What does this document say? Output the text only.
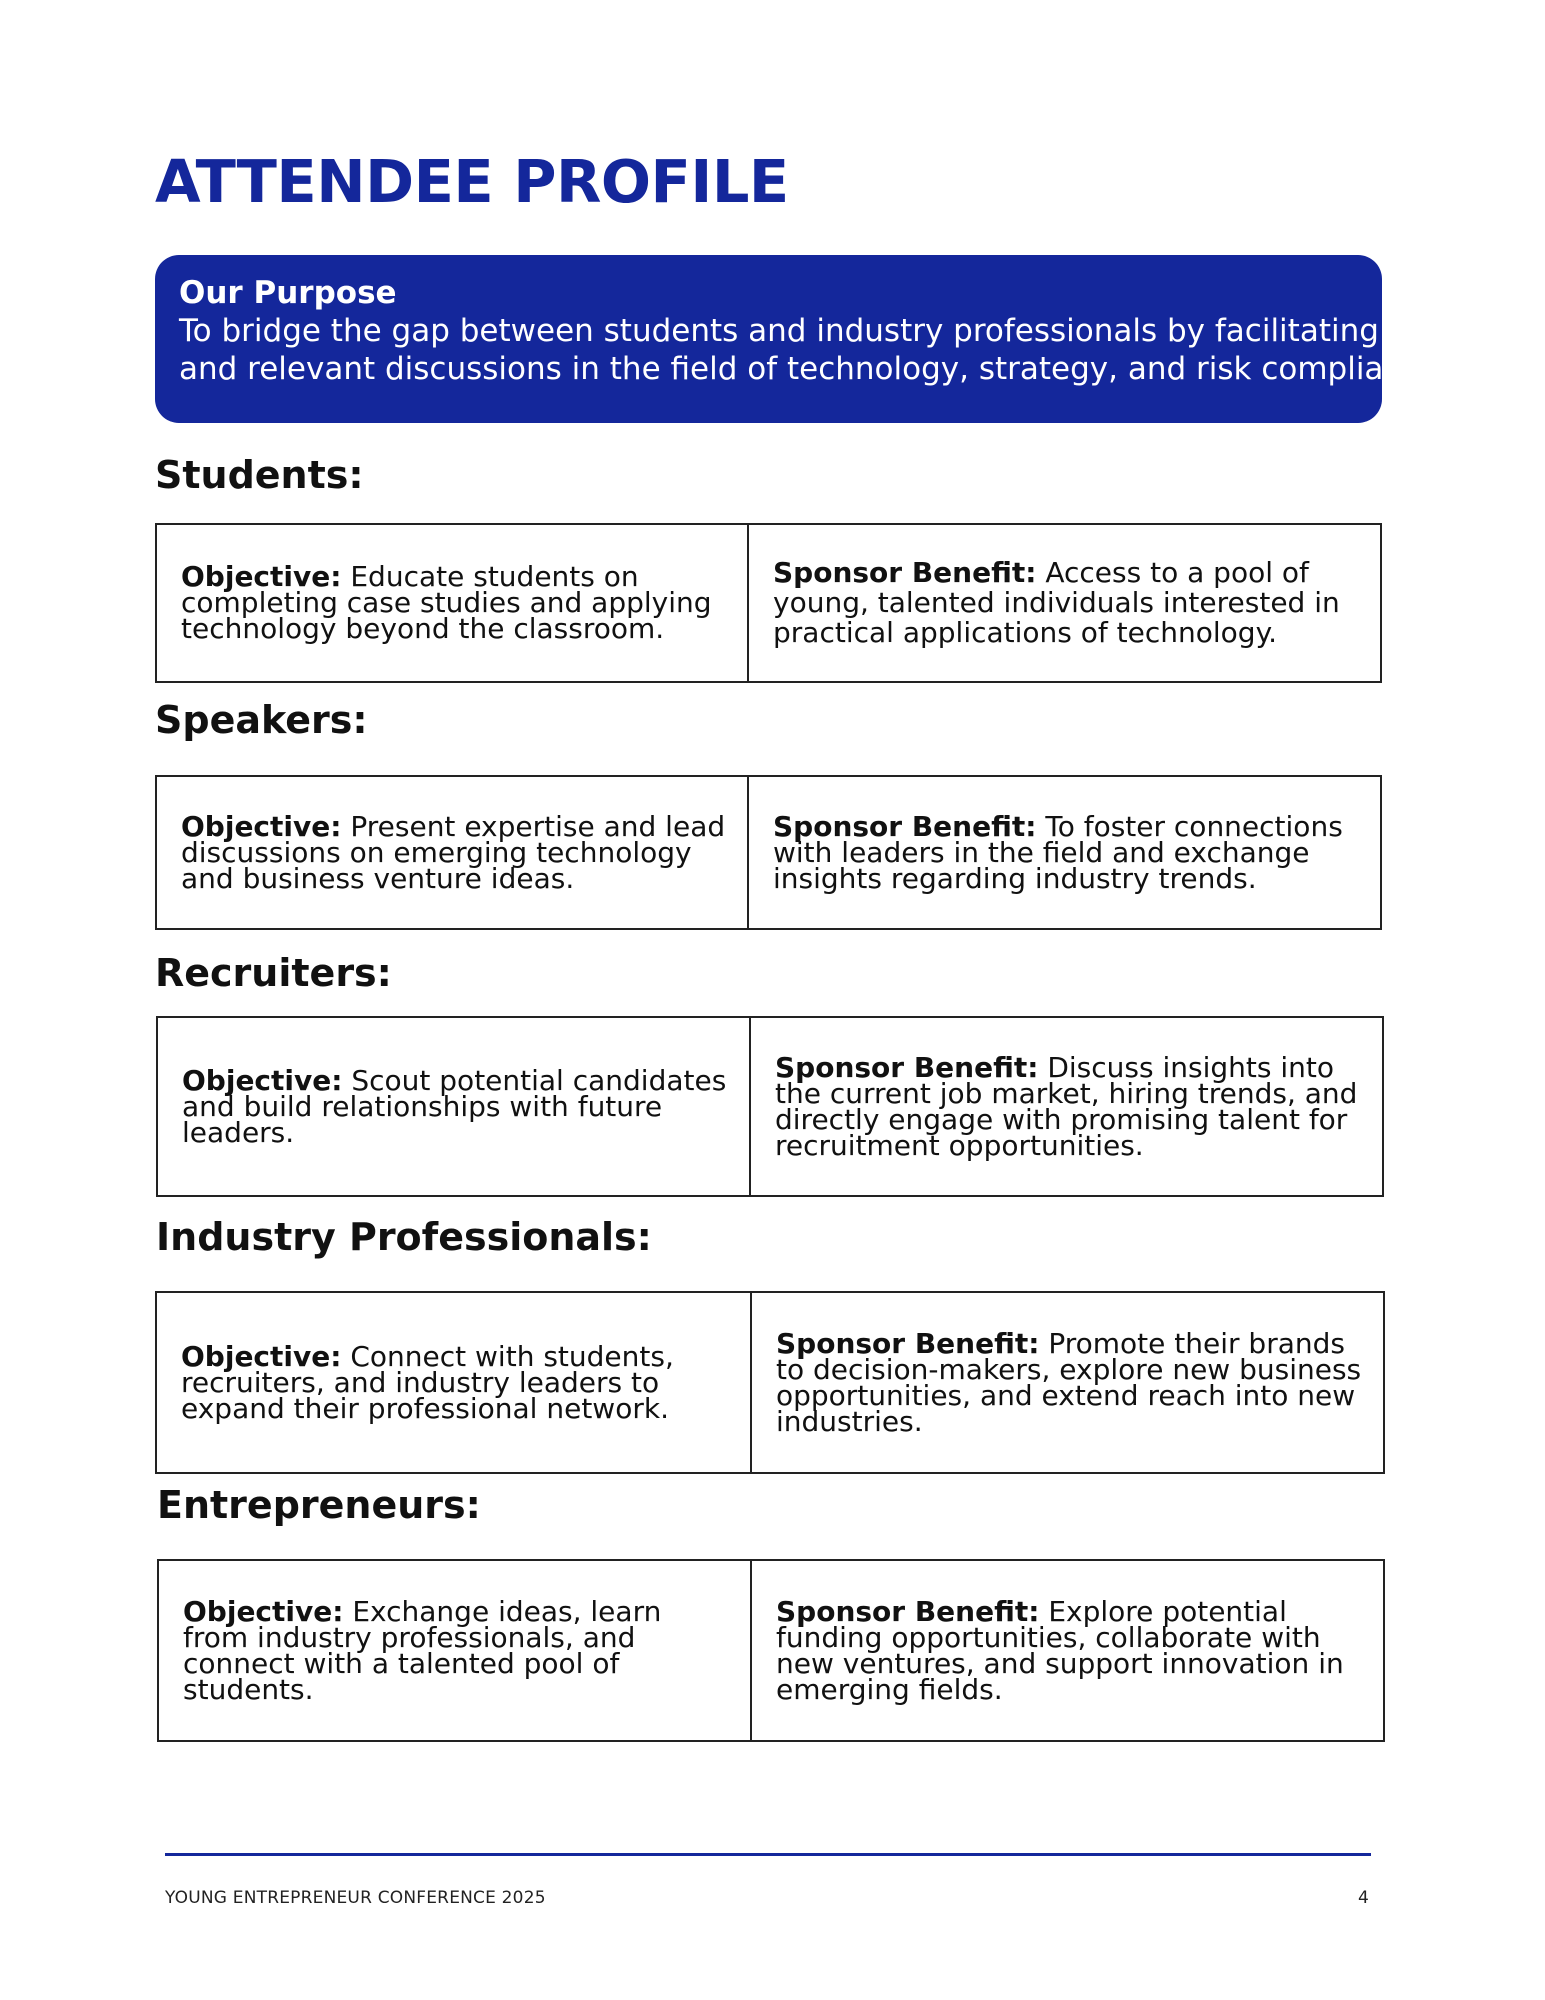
ATTENDEE PROFILE

Our Purpose

To bridge the gap between students and industry professionals by facilitating insightful

and relevant discussions in the field of technology, strategy, and risk compliance.

Students:

Objective: Educate students on completing case studies and applying technology beyond the classroom.

Sponsor Benefit: Access to a pool of young, talented individuals interested in practical applications of technology.

Speakers:

Objective: Present expertise and lead discussions on emerging technology and business venture ideas.

Sponsor Benefit: To foster connections with leaders in the field and exchange insights regarding industry trends.

Recruiters:

Objective: Scout potential candidates and build relationships with future leaders.

Sponsor Benefit: Discuss insights into the current job market, hiring trends, and directly engage with promising talent for recruitment opportunities.

Industry Professionals:

Objective: Connect with students, recruiters, and industry leaders to expand their professional network.

Sponsor Benefit: Promote their brands to decision-makers, explore new business opportunities, and extend reach into new industries.

Entrepreneurs:

Objective: Exchange ideas, learn from industry professionals, and connect with a talented pool of students.

Sponsor Benefit: Explore potential funding opportunities, collaborate with new ventures, and support innovation in emerging fields.

YOUNG ENTREPRENEUR CONFERENCE 2025	4
